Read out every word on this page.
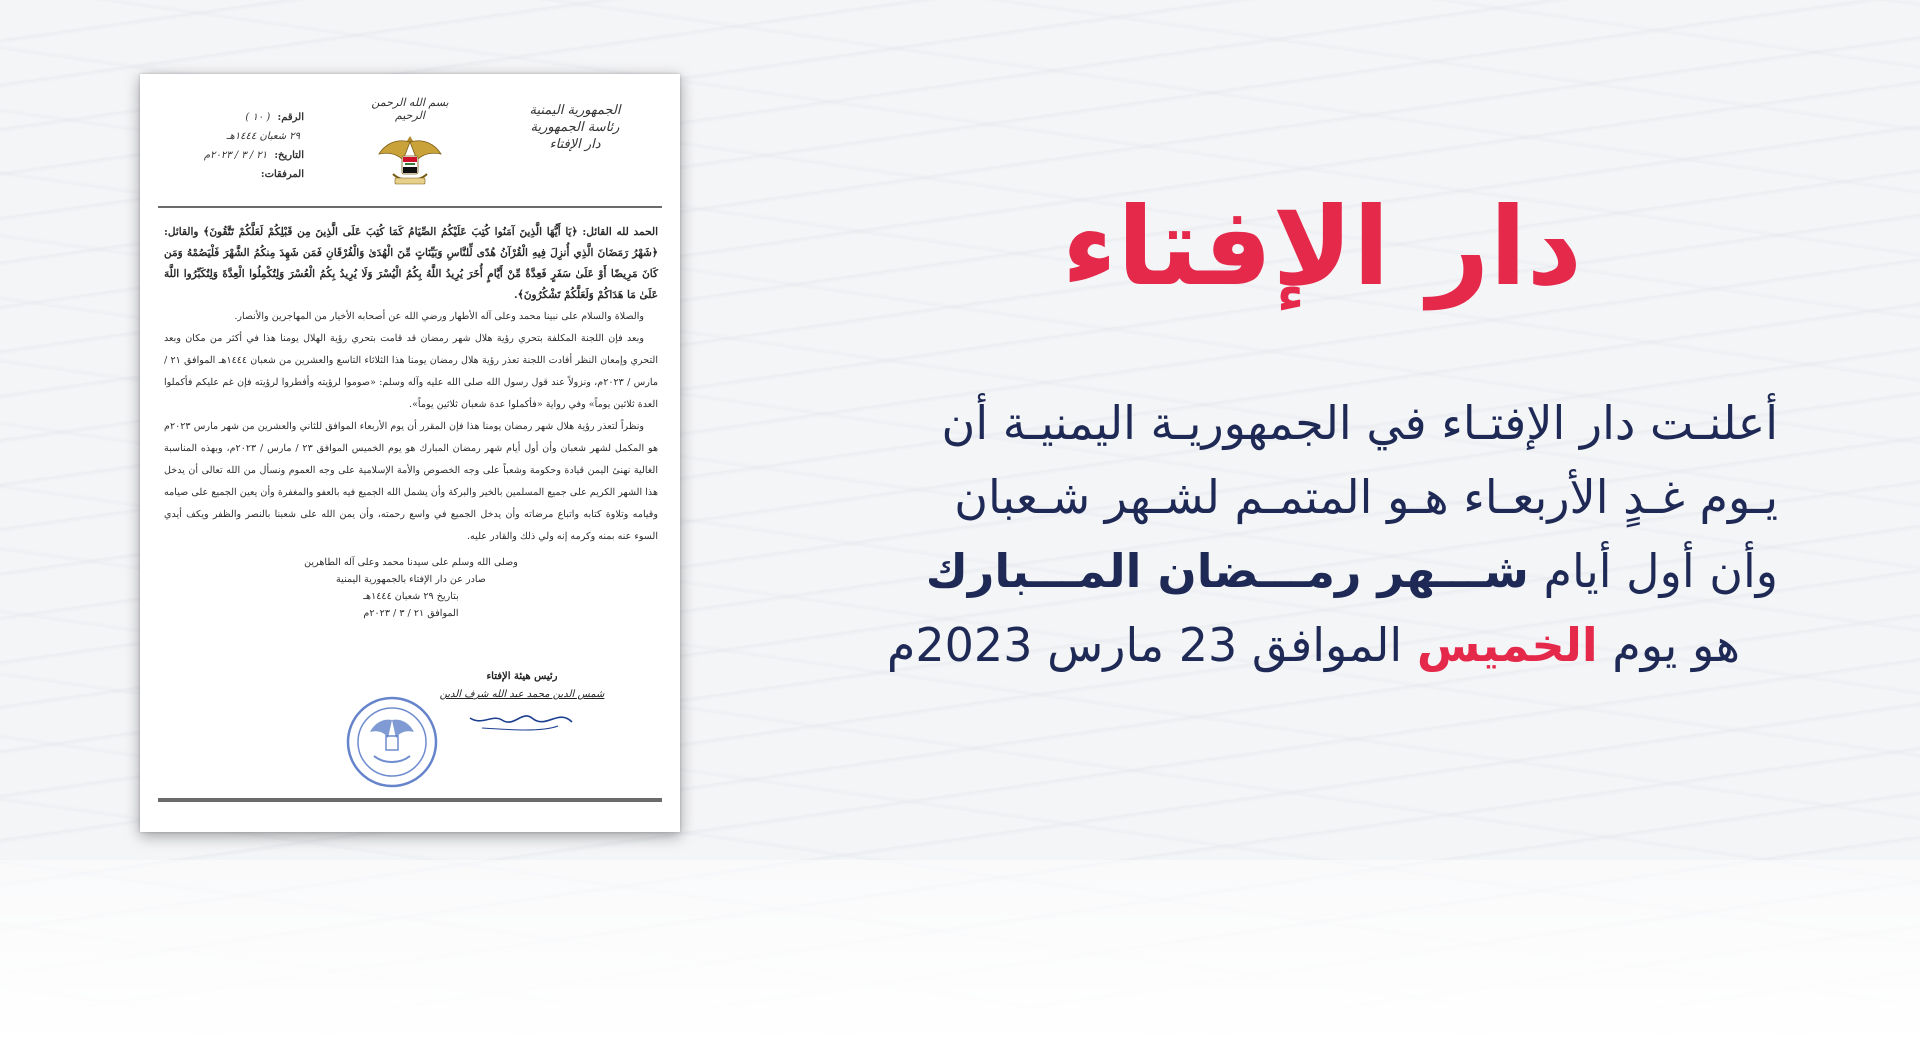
الجمهورية اليمنية
رئاسة الجمهورية
دار الإفتاء
بسم الله الرحمن الرحيم
الرقم: ( ١٠ )
٢٩ شعبان ١٤٤٤هـ
التاريخ: ٢١ / ٣ / ٢٠٢٣م
المرفقات:

الحمد لله القائل: ﴿يَا أَيُّهَا الَّذِينَ آمَنُوا كُتِبَ عَلَيْكُمُ الصِّيَامُ كَمَا كُتِبَ عَلَى الَّذِينَ مِن قَبْلِكُمْ لَعَلَّكُمْ تَتَّقُونَ﴾ والقائل: ﴿شَهْرُ رَمَضَانَ الَّذِي أُنزِلَ فِيهِ الْقُرْآنُ هُدًى لِّلنَّاسِ وَبَيِّنَاتٍ مِّنَ الْهُدَىٰ وَالْفُرْقَانِ فَمَن شَهِدَ مِنكُمُ الشَّهْرَ فَلْيَصُمْهُ وَمَن كَانَ مَرِيضًا أَوْ عَلَىٰ سَفَرٍ فَعِدَّةٌ مِّنْ أَيَّامٍ أُخَرَ يُرِيدُ اللَّهُ بِكُمُ الْيُسْرَ وَلَا يُرِيدُ بِكُمُ الْعُسْرَ وَلِتُكْمِلُوا الْعِدَّةَ وَلِتُكَبِّرُوا اللَّهَ عَلَىٰ مَا هَدَاكُمْ وَلَعَلَّكُمْ تَشْكُرُونَ﴾.

والصلاة والسلام على نبينا محمد وعلى آله الأطهار ورضي الله عن أصحابه الأخيار من المهاجرين والأنصار.

وبعد فإن اللجنة المكلفة بتحري رؤية هلال شهر رمضان قد قامت بتحري رؤية الهلال يومنا هذا في أكثر من مكان وبعد التحري وإمعان النظر أفادت اللجنة تعذر رؤية هلال رمضان يومنا هذا الثلاثاء التاسع والعشرين من شعبان ١٤٤٤هـ الموافق ٢١ / مارس / ٢٠٢٣م، ونزولاً عند قول رسول الله صلى الله عليه وآله وسلم: «صوموا لرؤيته وأفطروا لرؤيته فإن غم عليكم فأكملوا العدة ثلاثين يوماً» وفي رواية «فأكملوا عدة شعبان ثلاثين يوماً».

ونظراً لتعذر رؤية هلال شهر رمضان يومنا هذا فإن المقرر أن يوم الأربعاء الموافق للثاني والعشرين من شهر مارس ٢٠٢٣م هو المكمل لشهر شعبان وأن أول أيام شهر رمضان المبارك هو يوم الخميس الموافق ٢٣ / مارس / ٢٠٢٣م، وبهذه المناسبة الغالية نهنئ اليمن قيادة وحكومة وشعباً على وجه الخصوص والأمة الإسلامية على وجه العموم ونسأل من الله تعالى أن يدخل هذا الشهر الكريم على جميع المسلمين بالخير والبركة وأن يشمل الله الجميع فيه بالعفو والمغفرة وأن يعين الجميع على صيامه وقيامه وتلاوة كتابه واتباع مرضاته وأن يدخل الجميع في واسع رحمته، وأن يمن الله على شعبنا بالنصر والظفر ويكف أيدي السوء عنه بمنه وكرمه إنه ولي ذلك والقادر عليه.

وصلى الله وسلم على سيدنا محمد وعلى آله الطاهرين
صادر عن دار الإفتاء بالجمهورية اليمنية
بتاريخ ٢٩ شعبان ١٤٤٤هـ
الموافق ٢١ / ٣ / ٢٠٢٣م
رئيس هيئة الإفتاء
شمس الدين محمد عبد الله شرف الدين
دار الإفتاء
أعلنـت دار الإفتـاء في الجمهوريـة اليمنيـة أن
يـوم غـدٍ الأربعـاء هـو المتمـم لشـهر شـعبان
وأن أول أيام شـــهر رمـــضان المـــبارك
هو يوم الخميس الموافق 23 مارس 2023م
